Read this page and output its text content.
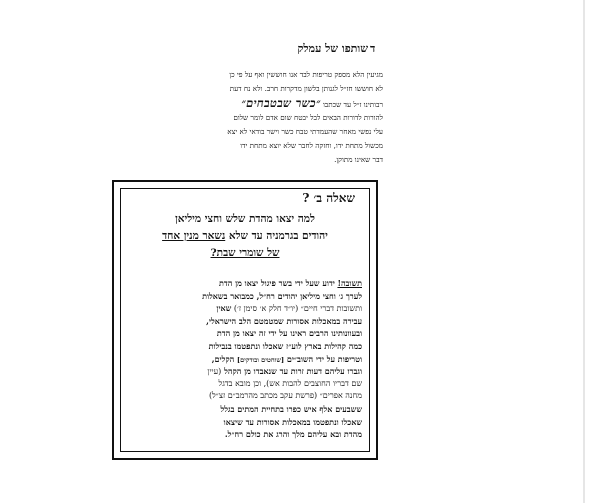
ד
שותפו של עמלק
מגיעין הלא מספק טריפות לבד אנו חוששין ואף על פי כן
לא חוששו חז״ל לגנותן בלשון מדקרות חרב. ולא נח דעת
רבותינו ז״ל עד שכתבו ״כשר שבטבחים״
להורות לדורות הבאים לבל יבטח שום אדם לומר שלום
עלי נפשי מאחר שהעמדתי טבח כשר וישר בודאי לא יצא
מכשול מתחת ידו, וחזקה לחבר שלא יוצא מתחת ידו
דבר שאינו מתוקן.
שאלה ב׳ ?
למה יצאו מהדת שלש וחצי מיליאן
יהודים בגרמניה עד שלא נשאר מנין אחד
של שומרי שבת?
תשובה! ידוע שעל ידי בשר פיגול יצאו מן הדת
לערך ג׳ וחצי מיליאן יהודים רח״ל, כמבואר בשאלות
ותשובות דברי חיים״ (יו״ד חלק א׳ סימן ז׳) שאין
עבירה במאכלות אסורות שמטמטם הלב הישראלי,
ובעוונותינו הרבים ראינו על ידי זה יצאו מן הדת
כמה קהילות בארץ לוע״ז שאכלו ונתפטמו בנבילות
וטריפות על ידי השוב״ים [שוחטים ובודקים] הקלים,
וגברו עליהם דעות זרות עד שנאבדו מן הקהל (עיין
שם דבריו החוצבים להבות אש), וכן מובא בדגל
מחנה אפרים״ (פרשת עקב מכתב מהרמב״ם זצ״ל)
ששבעים אלף איש כפרו בתחיית המתים בגלל
שאכלו ונתפטמו במאכלות אסורות עד שיצאו
מהדת ובא עליהם מלך והרג את כולם רח״ל.
